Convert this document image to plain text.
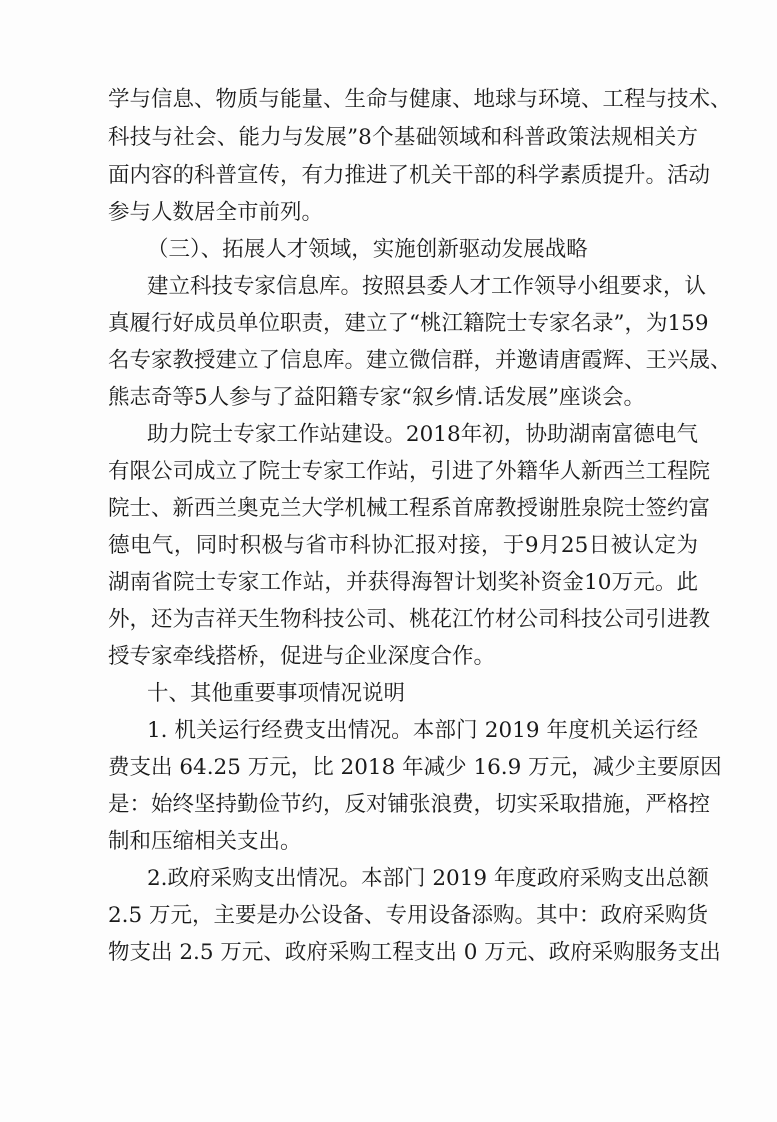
学与信息、物质与能量、生命与健康、地球与环境、工程与技术、
科技与社会、能力与发展”8个基础领域和科普政策法规相关方
面内容的科普宣传，有力推进了机关干部的科学素质提升。活动
参与人数居全市前列。
（三）、拓展人才领域，实施创新驱动发展战略
建立科技专家信息库。按照县委人才工作领导小组要求，认
真履行好成员单位职责，建立了“桃江籍院士专家名录”，为159
名专家教授建立了信息库。建立微信群，并邀请唐霞辉、王兴晟、
熊志奇等5人参与了益阳籍专家“叙乡情.话发展”座谈会。
助力院士专家工作站建设。2018年初，协助湖南富德电气
有限公司成立了院士专家工作站，引进了外籍华人新西兰工程院
院士、新西兰奥克兰大学机械工程系首席教授谢胜泉院士签约富
德电气，同时积极与省市科协汇报对接，于9月25日被认定为
湖南省院士专家工作站，并获得海智计划奖补资金10万元。此
外，还为吉祥天生物科技公司、桃花江竹材公司科技公司引进教
授专家牵线搭桥，促进与企业深度合作。
十、其他重要事项情况说明
1. 机关运行经费支出情况。本部门 2019 年度机关运行经
费支出 64.25 万元，比 2018 年减少 16.9 万元，减少主要原因
是：始终坚持勤俭节约，反对铺张浪费，切实采取措施，严格控
制和压缩相关支出。
2.政府采购支出情况。本部门 2019 年度政府采购支出总额
2.5 万元，主要是办公设备、专用设备添购。其中：政府采购货
物支出 2.5 万元、政府采购工程支出 0 万元、政府采购服务支出
